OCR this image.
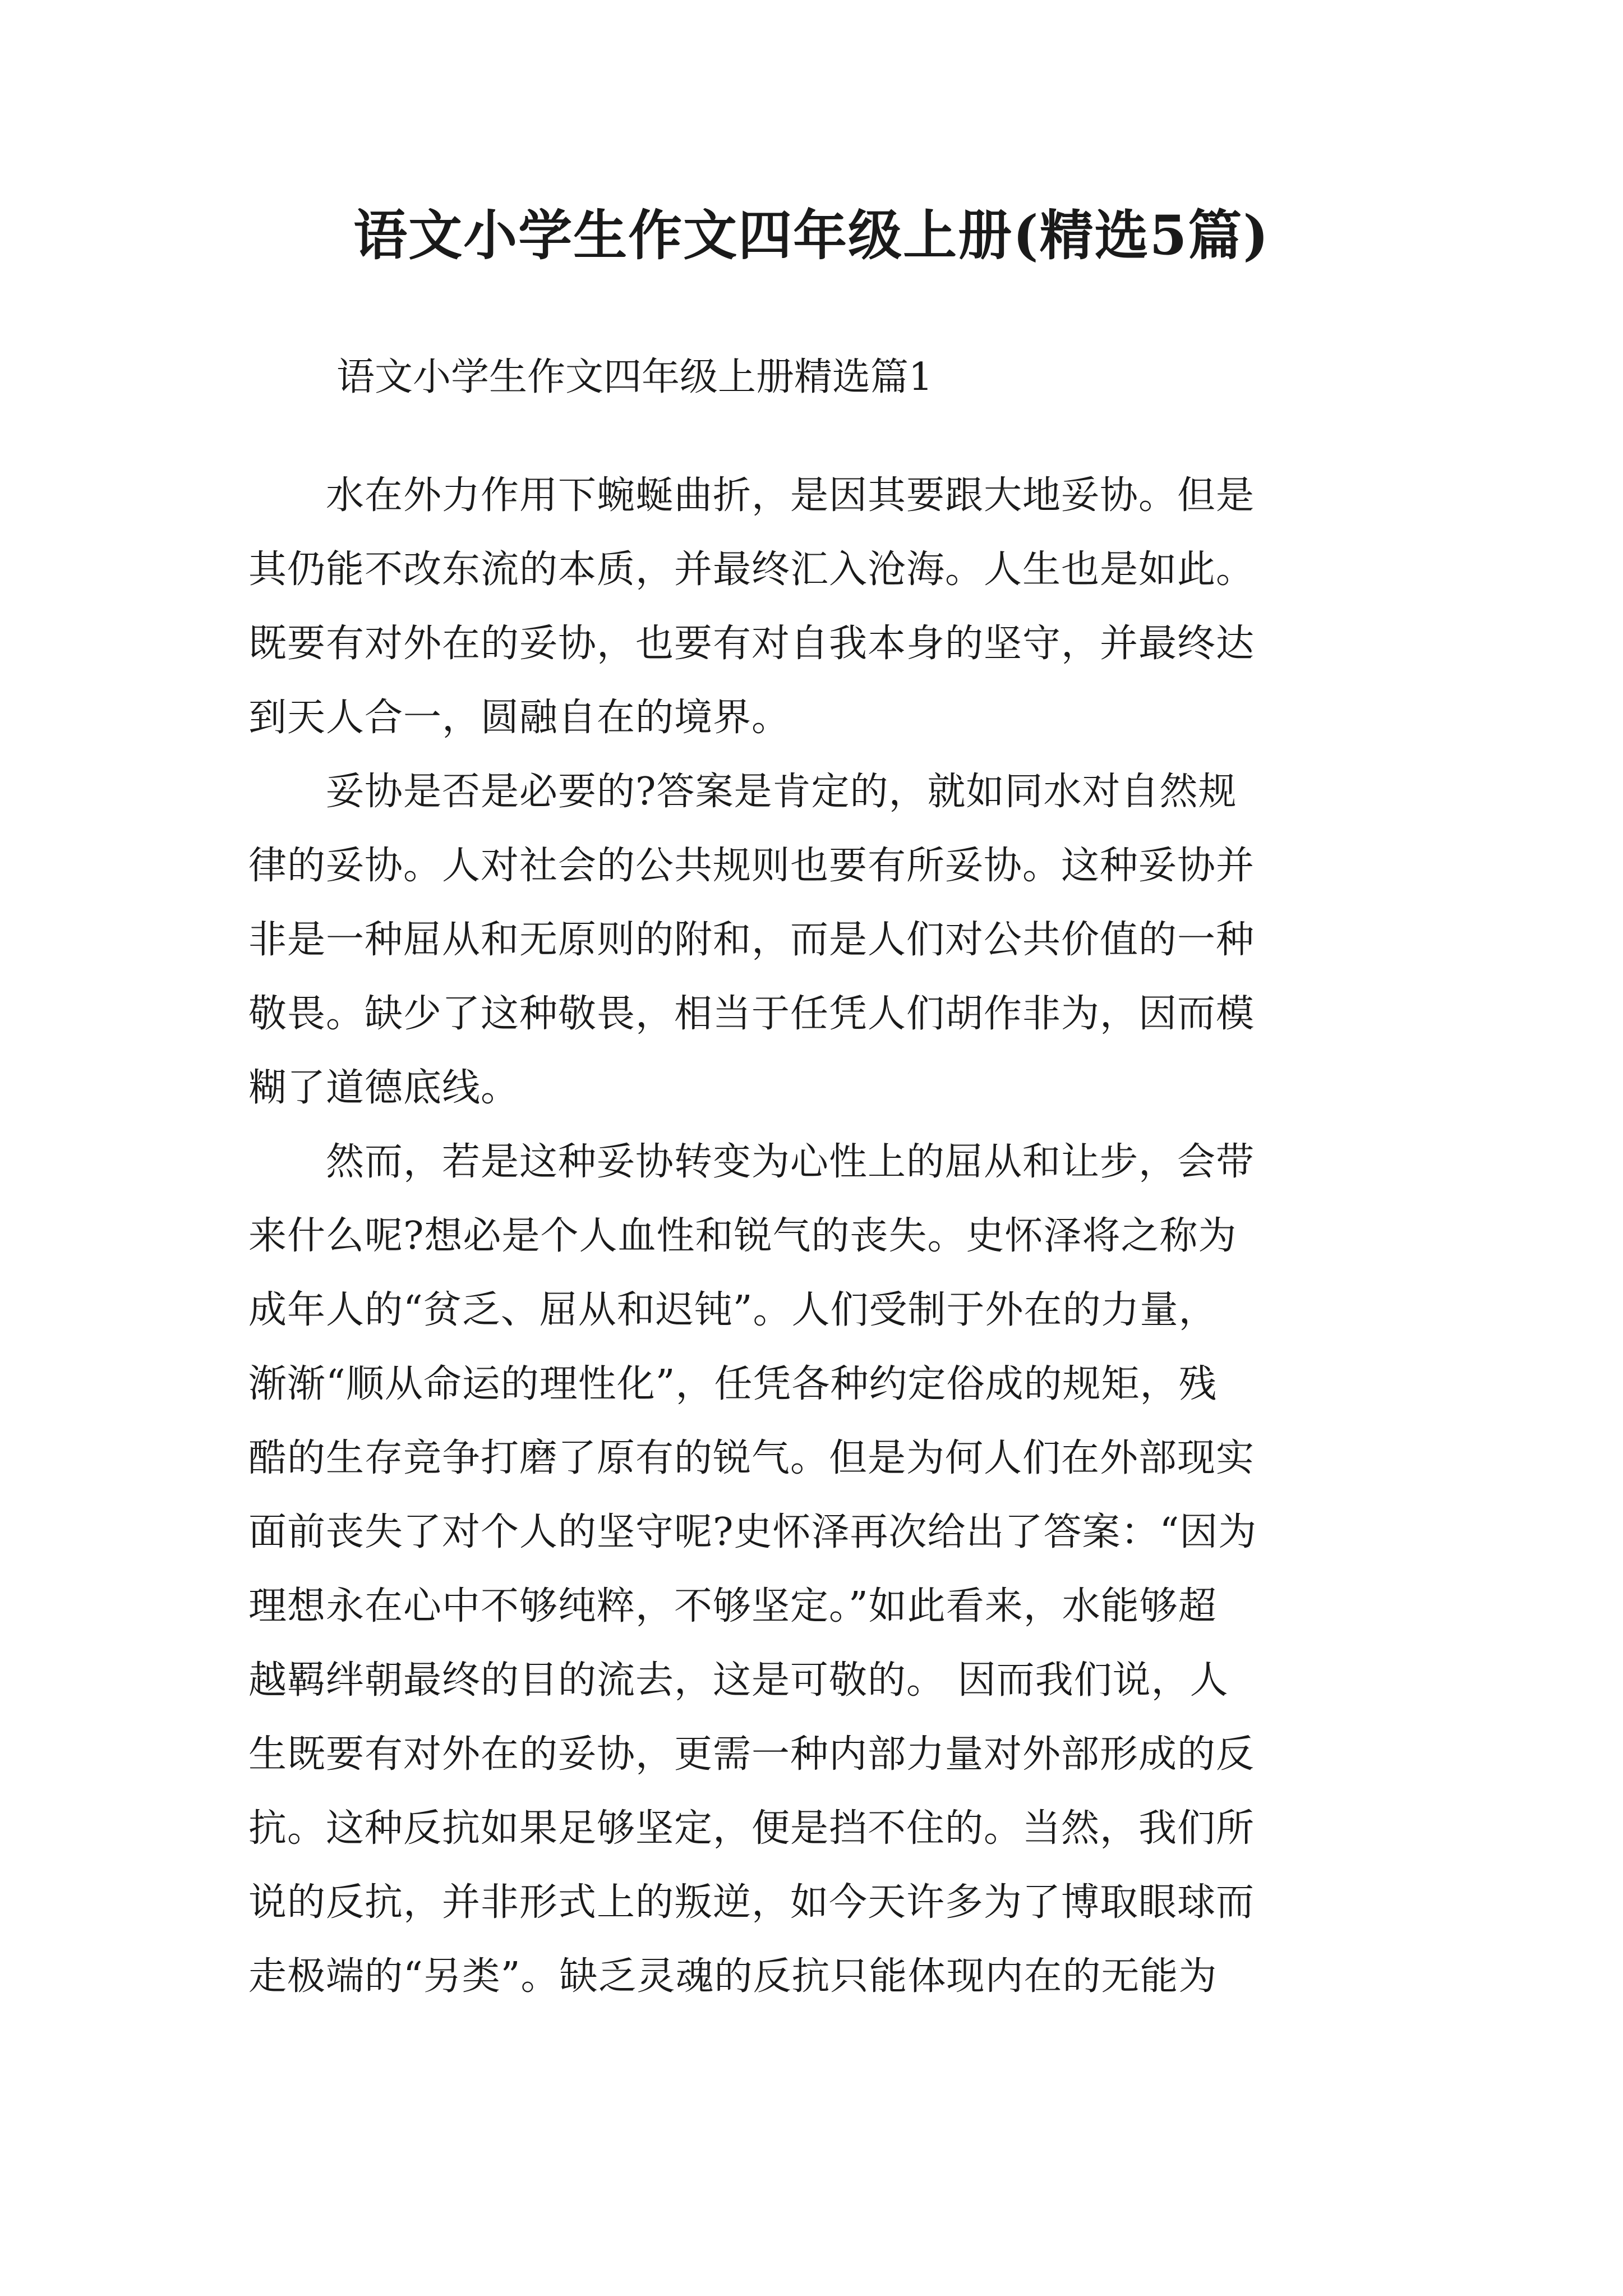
语文小学生作文四年级上册(精选5篇)
语文小学生作文四年级上册精选篇1
　　水在外力作用下蜿蜒曲折，是因其要跟大地妥协。但是
其仍能不改东流的本质，并最终汇入沧海。人生也是如此。
既要有对外在的妥协，也要有对自我本身的坚守，并最终达
到天人合一，圆融自在的境界。
　　妥协是否是必要的?答案是肯定的，就如同水对自然规
律的妥协。人对社会的公共规则也要有所妥协。这种妥协并
非是一种屈从和无原则的附和，而是人们对公共价值的一种
敬畏。缺少了这种敬畏，相当于任凭人们胡作非为，因而模
糊了道德底线。
　　然而，若是这种妥协转变为心性上的屈从和让步，会带
来什么呢?想必是个人血性和锐气的丧失。史怀泽将之称为
成年人的“贫乏、屈从和迟钝”。人们受制于外在的力量，
渐渐“顺从命运的理性化”，任凭各种约定俗成的规矩，残
酷的生存竞争打磨了原有的锐气。但是为何人们在外部现实
面前丧失了对个人的坚守呢?史怀泽再次给出了答案：“因为
理想永在心中不够纯粹，不够坚定。”如此看来，水能够超
越羁绊朝最终的目的流去，这是可敬的。 因而我们说，人
生既要有对外在的妥协，更需一种内部力量对外部形成的反
抗。这种反抗如果足够坚定，便是挡不住的。当然，我们所
说的反抗，并非形式上的叛逆，如今天许多为了博取眼球而
走极端的“另类”。缺乏灵魂的反抗只能体现内在的无能为
